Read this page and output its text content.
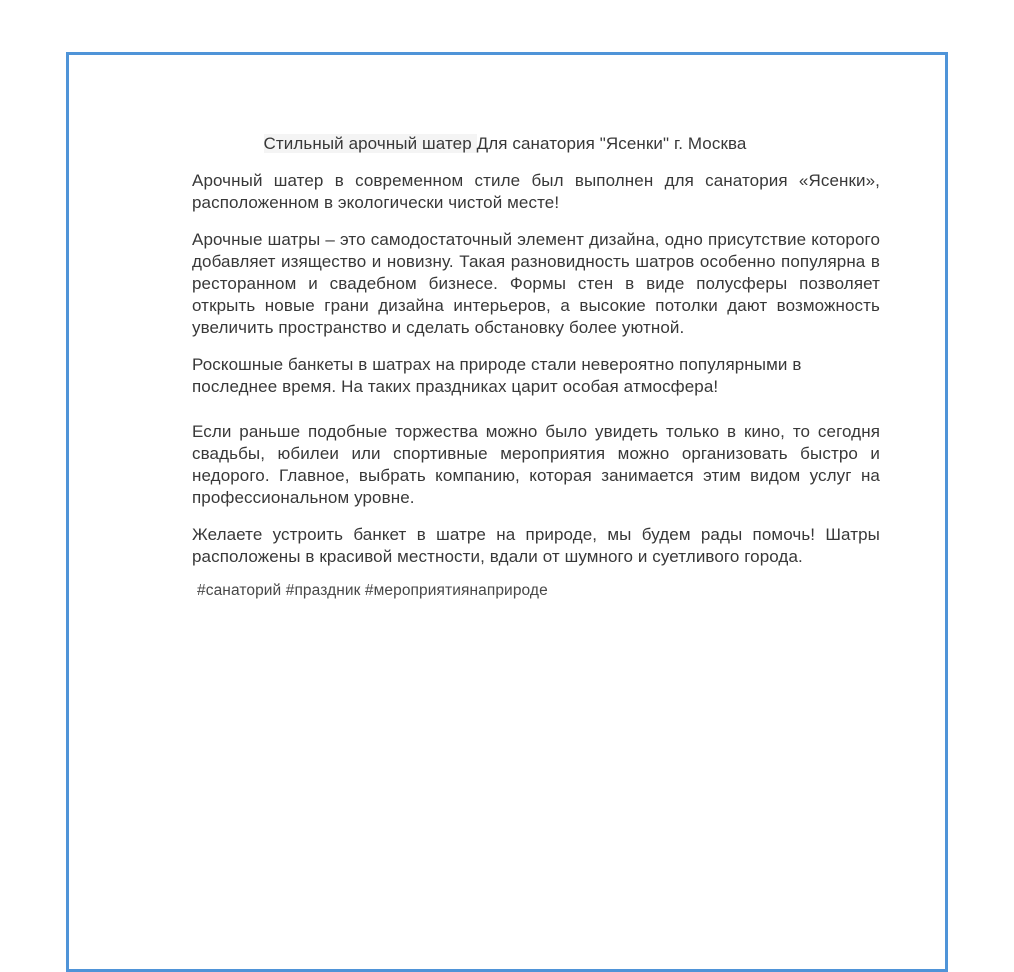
Стильный арочный шатер Для санатория "Ясенки" г. Москва

Арочный шатер в современном стиле был выполнен для санатория «Ясенки», расположенном в экологически чистой месте!

Арочные шатры – это самодостаточный элемент дизайна, одно присутствие которого добавляет изящество и новизну. Такая разновидность шатров особенно популярна в ресторанном и свадебном бизнесе. Формы стен в виде полусферы позволяет открыть новые грани дизайна интерьеров, а высокие потолки дают возможность увеличить пространство и сделать обстановку более уютной.

Роскошные банкеты в шатрах на природе стали невероятно популярными в последнее время. На таких праздниках царит особая атмосфера!

Если раньше подобные торжества можно было увидеть только в кино, то сегодня свадьбы, юбилеи или спортивные мероприятия можно организовать быстро и недорого. Главное, выбрать компанию, которая занимается этим видом услуг на профессиональном уровне.

Желаете устроить банкет в шатре на природе, мы будем рады помочь! Шатры расположены в красивой местности, вдали от шумного и суетливого города.

#санаторий #праздник #мероприятиянаприроде
